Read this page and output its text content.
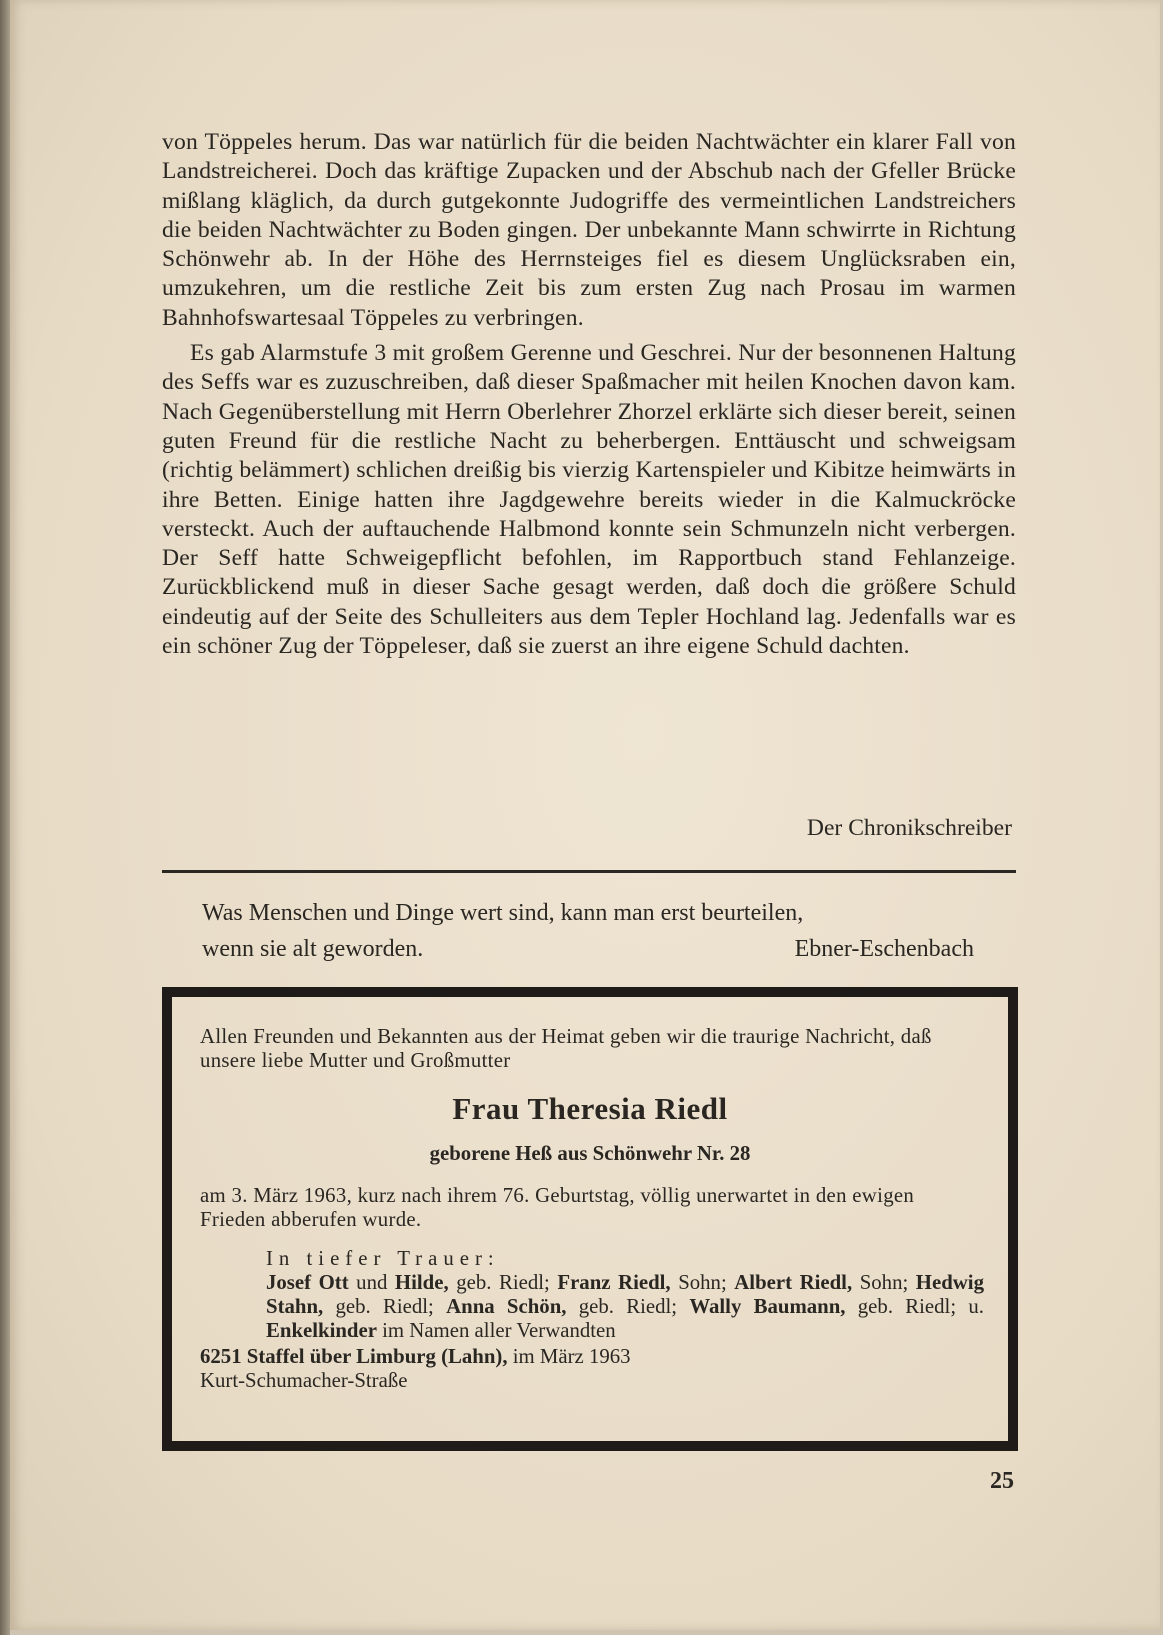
von Töppeles herum. Das war natürlich für die beiden Nachtwächter ein klarer Fall von Landstreicherei. Doch das kräftige Zupacken und der Abschub nach der Gfeller Brücke mißlang kläglich, da durch gutgekonnte Judogriffe des vermeintlichen Landstreichers die beiden Nachtwächter zu Boden gingen. Der unbekannte Mann schwirrte in Richtung Schönwehr ab. In der Höhe des Herrnsteiges fiel es diesem Unglücksraben ein, umzukehren, um die restliche Zeit bis zum ersten Zug nach Prosau im warmen Bahnhofswartesaal Töppeles zu verbringen.

Es gab Alarmstufe 3 mit großem Gerenne und Geschrei. Nur der besonnenen Haltung des Seffs war es zuzuschreiben, daß dieser Spaßmacher mit heilen Knochen davon kam. Nach Gegenüberstellung mit Herrn Oberlehrer Zhorzel erklärte sich dieser bereit, seinen guten Freund für die restliche Nacht zu beherbergen. Enttäuscht und schweigsam (richtig belämmert) schlichen dreißig bis vierzig Kartenspieler und Kibitze heimwärts in ihre Betten. Einige hatten ihre Jagdgewehre bereits wieder in die Kalmuckröcke versteckt. Auch der auftauchende Halbmond konnte sein Schmunzeln nicht verbergen. Der Seff hatte Schweigepflicht befohlen, im Rapportbuch stand Fehlanzeige. Zurückblickend muß in dieser Sache gesagt werden, daß doch die größere Schuld eindeutig auf der Seite des Schulleiters aus dem Tepler Hochland lag. Jedenfalls war es ein schöner Zug der Töppeleser, daß sie zuerst an ihre eigene Schuld dachten.

Der Chronikschreiber
Was Menschen und Dinge wert sind, kann man erst beurteilen,
wenn sie alt geworden.	Ebner-Eschenbach
Allen Freunden und Bekannten aus der Heimat geben wir die traurige Nachricht, daß unsere liebe Mutter und Großmutter
Frau Theresia Riedl
geborene Heß aus Schönwehr Nr. 28
am 3. März 1963, kurz nach ihrem 76. Geburtstag, völlig unerwartet in den ewigen Frieden abberufen wurde.
In tiefer Trauer:
Josef Ott und Hilde, geb. Riedl; Franz Riedl, Sohn; Albert Riedl, Sohn; Hedwig Stahn, geb. Riedl; Anna Schön, geb. Riedl; Wally Baumann, geb. Riedl; u. Enkelkinder im Namen aller Verwandten
6251 Staffel über Limburg (Lahn), im März 1963
Kurt-Schumacher-Straße
25
